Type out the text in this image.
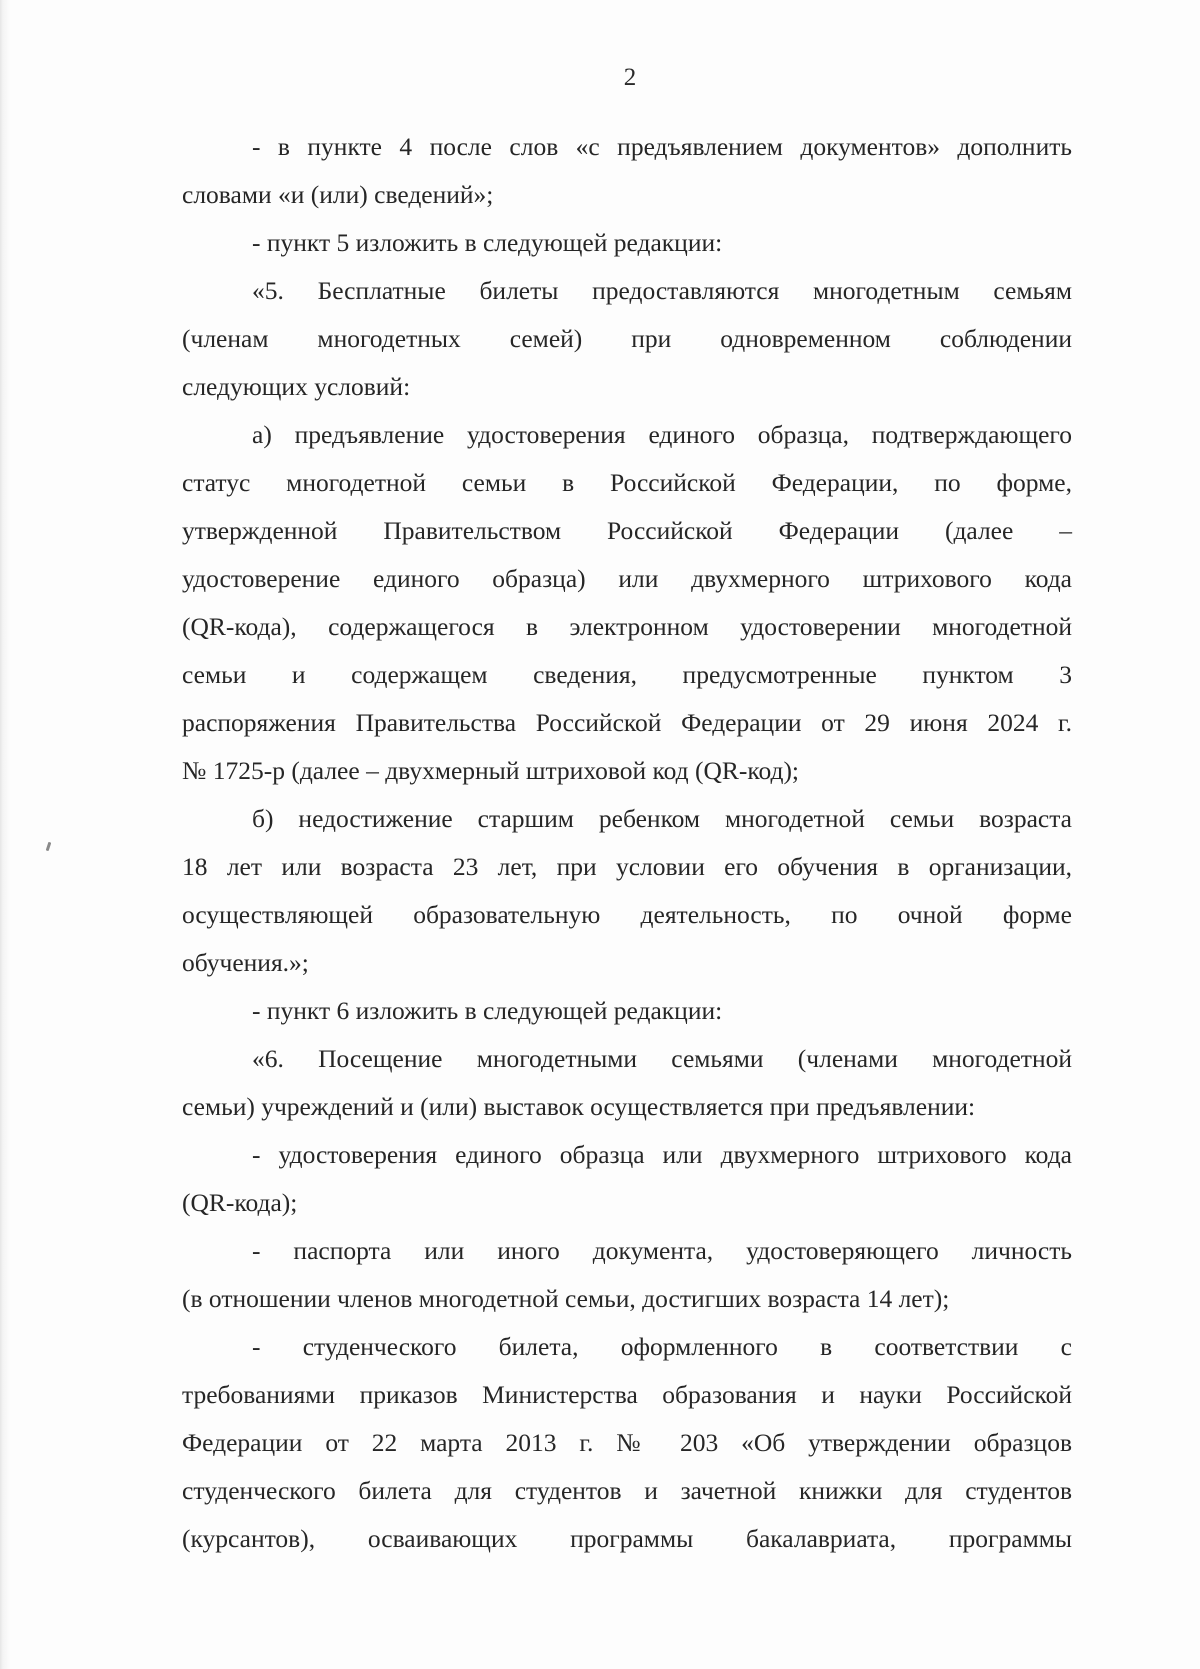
2
- в пункте 4 после слов «с предъявлением документов» дополнить
словами «и (или) сведений»;
- пункт 5 изложить в следующей редакции:
«5. Бесплатные билеты предоставляются многодетным семьям
(членам многодетных семей) при одновременном соблюдении
следующих условий:
а) предъявление удостоверения единого образца, подтверждающего
статус многодетной семьи в Российской Федерации, по форме,
утвержденной Правительством Российской Федерации (далее –
удостоверение единого образца) или двухмерного штрихового кода
(QR-кода), содержащегося в электронном удостоверении многодетной
семьи и содержащем сведения, предусмотренные пунктом 3
распоряжения Правительства Российской Федерации от 29 июня 2024 г.
№ 1725-р (далее – двухмерный штриховой код (QR-код);
б) недостижение старшим ребенком многодетной семьи возраста
18 лет или возраста 23 лет, при условии его обучения в организации,
осуществляющей образовательную деятельность, по очной форме
обучения.»;
- пункт 6 изложить в следующей редакции:
«6. Посещение многодетными семьями (членами многодетной
семьи) учреждений и (или) выставок осуществляется при предъявлении:
- удостоверения единого образца или двухмерного штрихового кода
(QR-кода);
- паспорта или иного документа, удостоверяющего личность
(в отношении членов многодетной семьи, достигших возраста 14 лет);
- студенческого билета, оформленного в соответствии с
требованиями приказов Министерства образования и науки Российской
Федерации от 22 марта 2013 г. № 203 «Об утверждении образцов
студенческого билета для студентов и зачетной книжки для студентов
(курсантов), осваивающих программы бакалавриата, программы
